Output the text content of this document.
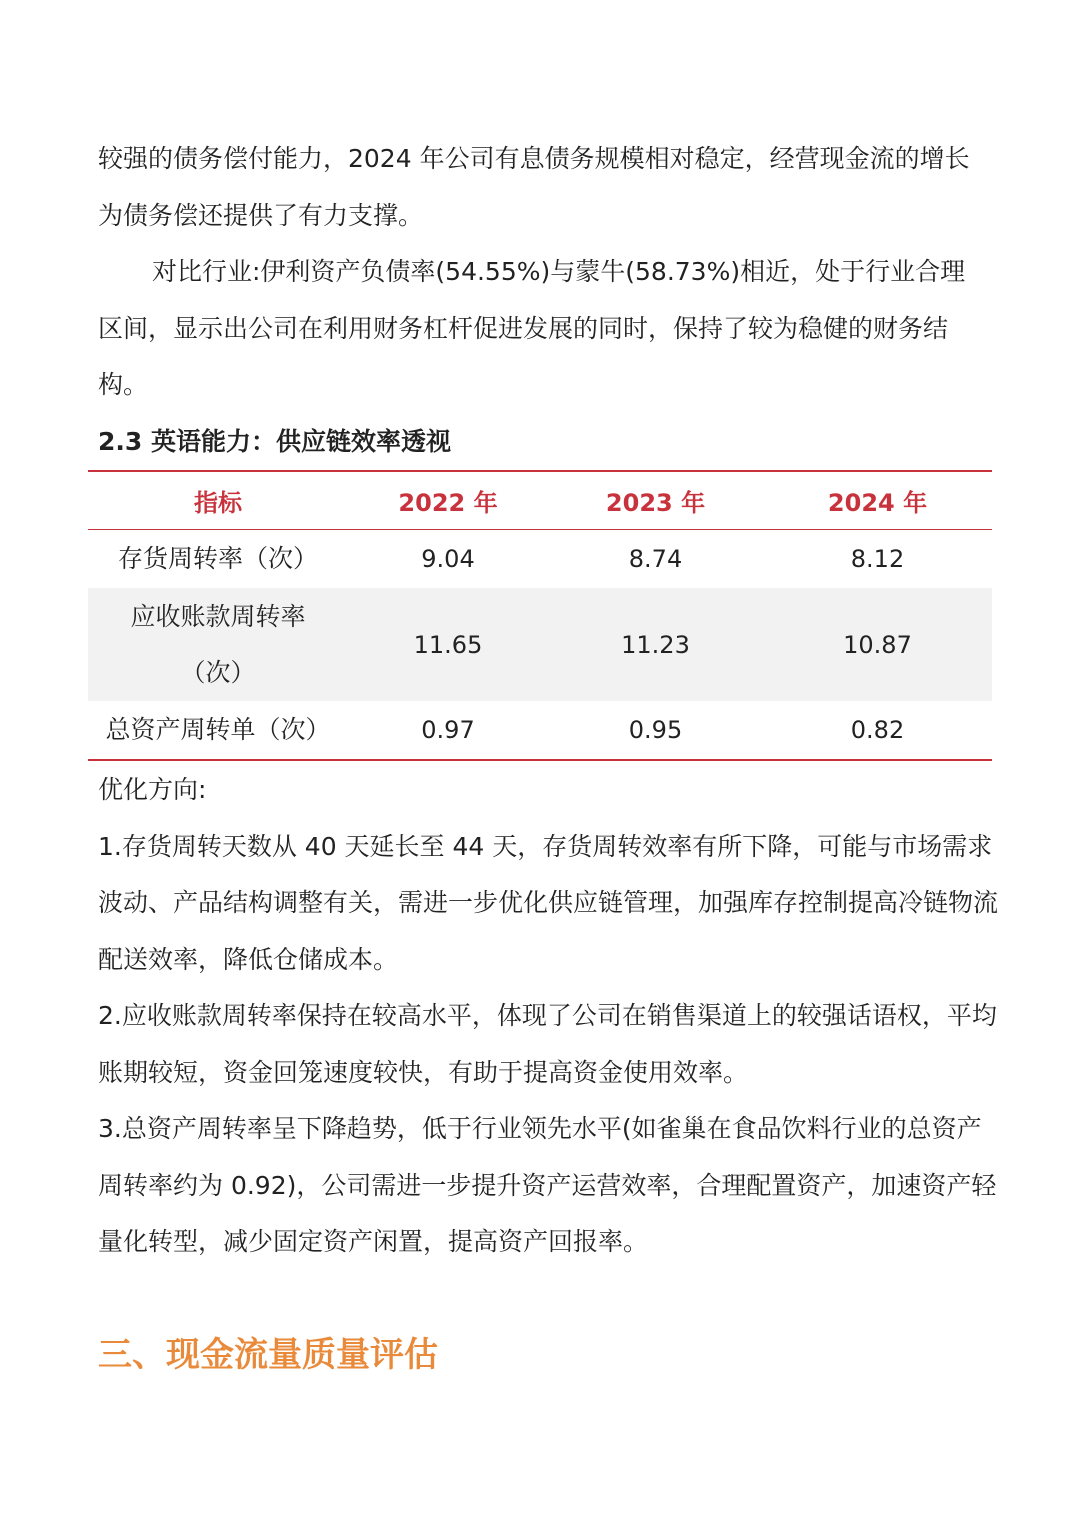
较强的债务偿付能力，2024 年公司有息债务规模相对稳定，经营现金流的增长为债务偿还提供了有力支撑。

对比行业:伊利资产负债率(54.55%)与蒙牛(58.73%)相近，处于行业合理区间，显示出公司在利用财务杠杆促进发展的同时，保持了较为稳健的财务结构。

2.3 英语能力：供应链效率透视
指标	2022 年	2023 年	2024 年

存货周转率（次）	9.04	8.74	8.12

应收账款周转率
（次）	11.65	11.23	10.87

总资产周转单（次）	0.97	0.95	0.82

优化方向:

1.存货周转天数从 40 天延长至 44 天，存货周转效率有所下降，可能与市场需求波动、产品结构调整有关，需进一步优化供应链管理，加强库存控制提高冷链物流配送效率，降低仓储成本。

2.应收账款周转率保持在较高水平，体现了公司在销售渠道上的较强话语权，平均账期较短，资金回笼速度较快，有助于提高资金使用效率。

3.总资产周转率呈下降趋势，低于行业领先水平(如雀巢在食品饮料行业的总资产周转率约为 0.92)，公司需进一步提升资产运营效率，合理配置资产，加速资产轻量化转型，减少固定资产闲置，提高资产回报率。

三、现金流量质量评估
